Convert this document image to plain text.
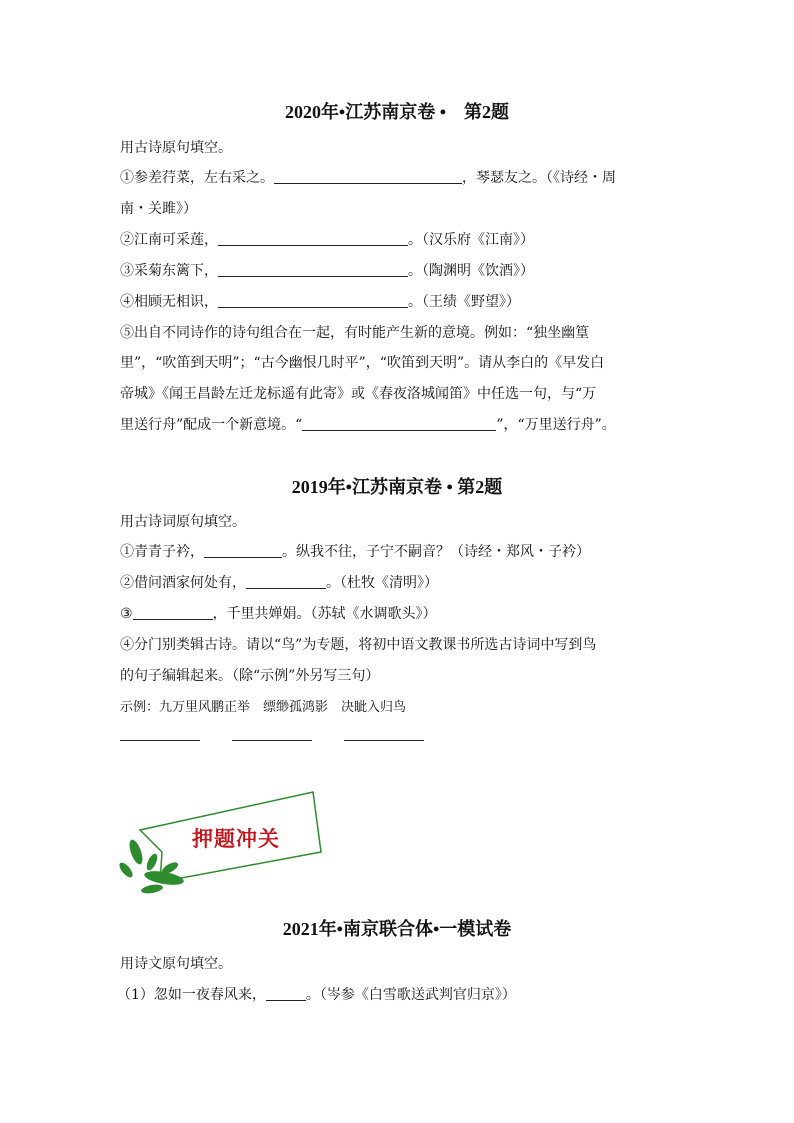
2020年•江苏南京卷 •　第2题
用古诗原句填空。
①参差荇菜，左右采之。	，琴瑟友之。（《诗经・周
南・关雎》）
②江南可采莲，	。（汉乐府《江南》）
③采菊东篱下，	。（陶渊明《饮酒》）
④相顾无相识，	。（王绩《野望》）
⑤出自不同诗作的诗句组合在一起，有时能产生新的意境。例如：“独坐幽篁
里”，“吹笛到天明”；“古今幽恨几时平”，“吹笛到天明”。请从李白的《早发白
帝城》《闻王昌龄左迁龙标遥有此寄》或《春夜洛城闻笛》中任选一句，与“万
里送行舟”配成一个新意境。“	”，“万里送行舟”。
2019年•江苏南京卷 • 第2题
用古诗词原句填空。
①青青子衿，	。纵我不往，子宁不嗣音？（诗经・郑风・子衿）
②借问酒家何处有，	。（杜牧《清明》）
③	，千里共婵娟。（苏轼《水调歌头》）
④分门别类辑古诗。请以“鸟”为专题，将初中语文教课书所选古诗词中写到鸟
的句子编辑起来。（除“示例”外另写三句）
示例：九万里风鹏正举　缥缈孤鸿影　决眦入归鸟
押题冲关
2021年•南京联合体•一模试卷
用诗文原句填空。
（1）忽如一夜春风来，	。（岑参《白雪歌送武判官归京》）
